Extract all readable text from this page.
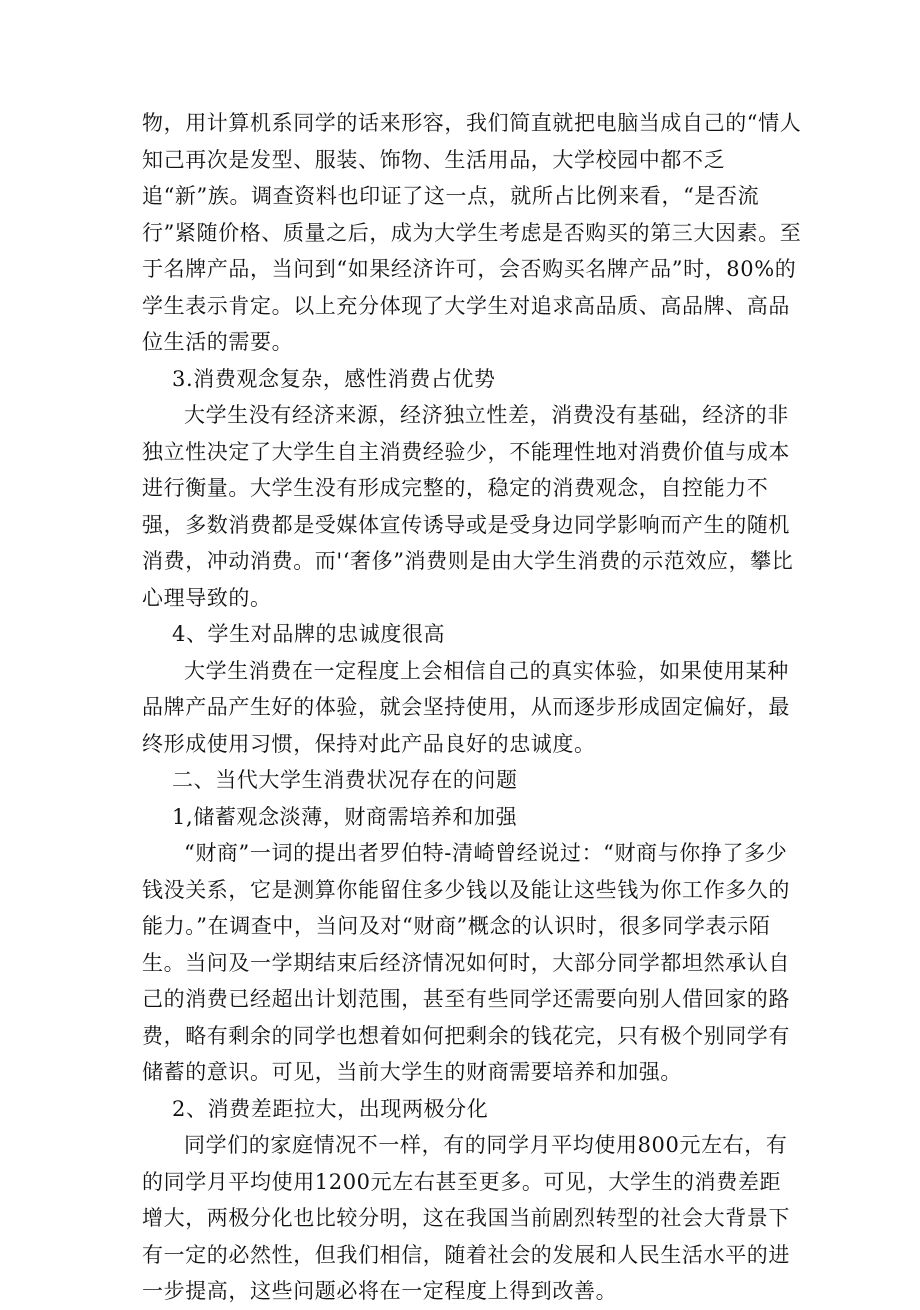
物，用计算机系同学的话来形容，我们简直就把电脑当成自己的“情人知己再次是发型、服装、饰物、生活用品，大学校园中都不乏追“新”族。调查资料也印证了这一点，就所占比例来看，“是否流行”紧随价格、质量之后，成为大学生考虑是否购买的第三大因素。至于名牌产品，当问到“如果经济许可，会否购买名牌产品”时，80%的学生表示肯定。以上充分体现了大学生对追求高品质、高品牌、高品位生活的需要。

3.消费观念复杂，感性消费占优势

大学生没有经济来源，经济独立性差，消费没有基础，经济的非独立性决定了大学生自主消费经验少，不能理性地对消费价值与成本进行衡量。大学生没有形成完整的，稳定的消费观念，自控能力不强，多数消费都是受媒体宣传诱导或是受身边同学影响而产生的随机消费，冲动消费。而'‘奢侈”消费则是由大学生消费的示范效应，攀比心理导致的。

4、学生对品牌的忠诚度很高

大学生消费在一定程度上会相信自己的真实体验，如果使用某种品牌产品产生好的体验，就会坚持使用，从而逐步形成固定偏好，最终形成使用习惯，保持对此产品良好的忠诚度。

二、当代大学生消费状况存在的问题

1,储蓄观念淡薄，财商需培养和加强

“财商”一词的提出者罗伯特-清崎曾经说过：“财商与你挣了多少钱没关系，它是测算你能留住多少钱以及能让这些钱为你工作多久的能力。”在调查中，当问及对“财商”概念的认识时，很多同学表示陌生。当问及一学期结束后经济情况如何时，大部分同学都坦然承认自己的消费已经超出计划范围，甚至有些同学还需要向别人借回家的路费，略有剩余的同学也想着如何把剩余的钱花完，只有极个别同学有储蓄的意识。可见，当前大学生的财商需要培养和加强。

2、消费差距拉大，出现两极分化

同学们的家庭情况不一样，有的同学月平均使用800元左右，有的同学月平均使用1200元左右甚至更多。可见，大学生的消费差距增大，两极分化也比较分明，这在我国当前剧烈转型的社会大背景下有一定的必然性，但我们相信，随着社会的发展和人民生活水平的进一步提高，这些问题必将在一定程度上得到改善。
